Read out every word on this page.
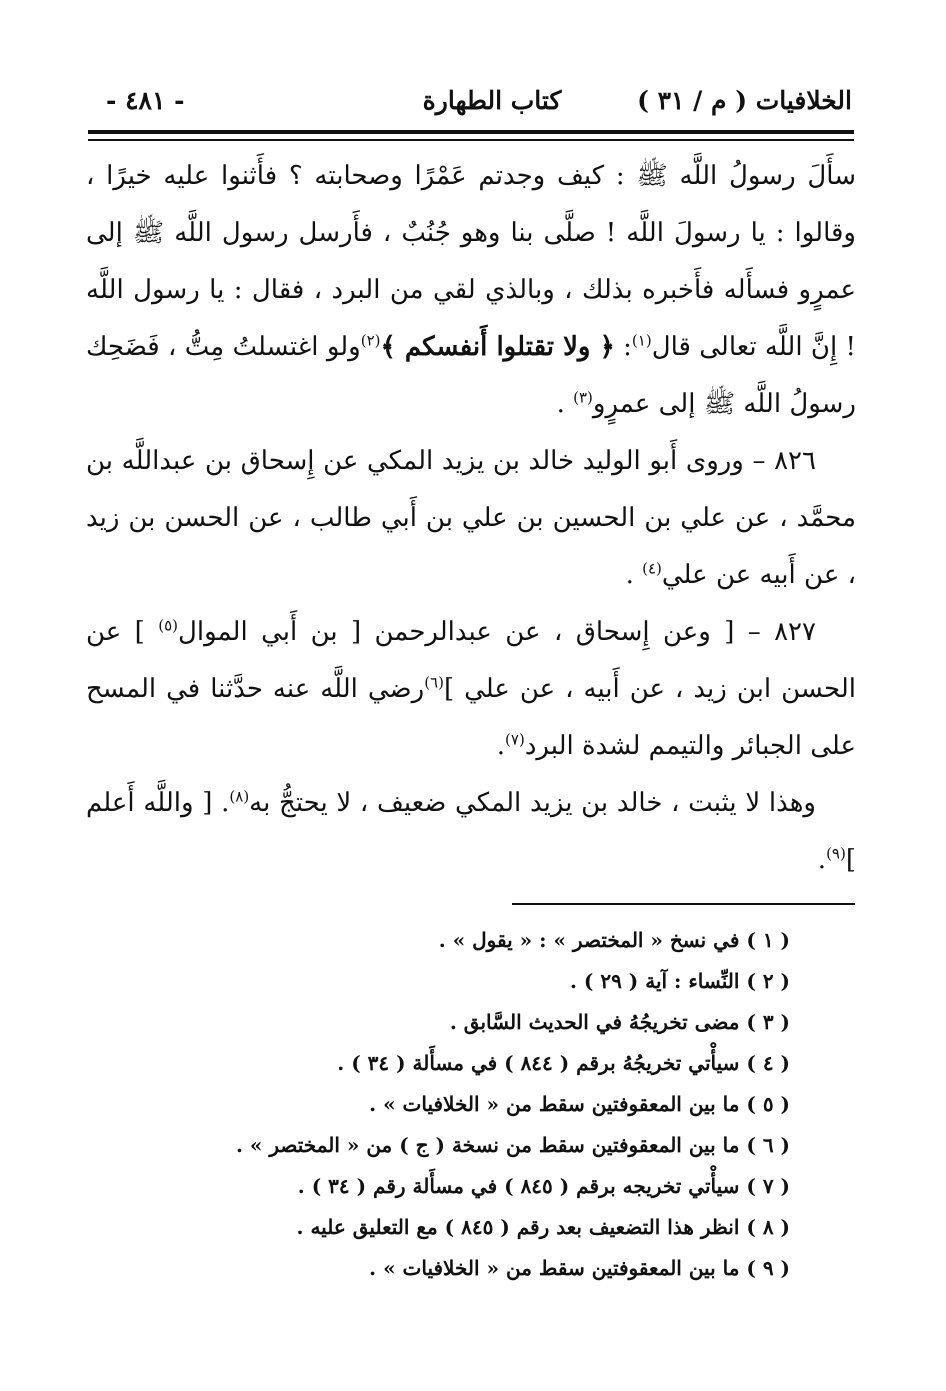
الخلافيات ( م / ٣١ )
كتاب الطهارة
- ٤٨١ -

سأَلَ رسولُ اللَّه ﷺ : كيف وجدتم عَمْرًا وصحابته ؟ فأَثنوا عليه خيرًا ، وقالوا : يا رسولَ اللَّه ! صلَّى بنا وهو جُنُبٌ ، فأَرسل رسول اللَّه ﷺ إلى عمرٍو فسأَله فأَخبره بذلك ، وبالذي لقي من البرد ، فقال : يا رسول اللَّه ! إِنَّ اللَّه تعالى قال$^{(١)}$: ﴿ ولا تقتلوا أَنفسكم ﴾$^{(٢)}$ولو اغتسلتُ مِتُّ ، فَضَحِك رسولُ اللَّه ﷺ إلى عمرٍو$^{(٣)}$ .

٨٢٦ – وروى أَبو الوليد خالد بن يزيد المكي عن إِسحاق بن عبداللَّه بن محمَّد ، عن علي بن الحسين بن علي بن أَبي طالب ، عن الحسن بن زيد ، عن أَبيه عن علي$^{(٤)}$ .

٨٢٧ – [ وعن إِسحاق ، عن عبدالرحمن [ بن أَبي الموال$^{(٥)}$ ] عن الحسن ابن زيد ، عن أَبيه ، عن علي ]$^{(٦)}$رضي اللَّه عنه حدَّثنا في المسح على الجبائر والتيمم لشدة البرد$^{(٧)}$.

وهذا لا يثبت ، خالد بن يزيد المكي ضعيف ، لا يحتجُّ به$^{(٨)}$. [ واللَّه أَعلم ]$^{(٩)}$.

( ١ ) في نسخ « المختصر » : « يقول » .
( ٢ ) النِّساء : آية ( ٢٩ ) .
( ٣ ) مضى تخريجُهُ في الحديث السَّابق .
( ٤ ) سيأْتي تخريجُهُ برقم ( ٨٤٤ ) في مسأَلة ( ٣٤ ) .
( ٥ ) ما بين المعقوفتين سقط من « الخلافيات » .
( ٦ ) ما بين المعقوفتين سقط من نسخة ( ج ) من « المختصر » .
( ٧ ) سيأْتي تخريجه برقم ( ٨٤٥ ) في مسأَلة رقم ( ٣٤ ) .
( ٨ ) انظر هذا التضعيف بعد رقم ( ٨٤٥ ) مع التعليق عليه .
( ٩ ) ما بين المعقوفتين سقط من « الخلافيات » .
